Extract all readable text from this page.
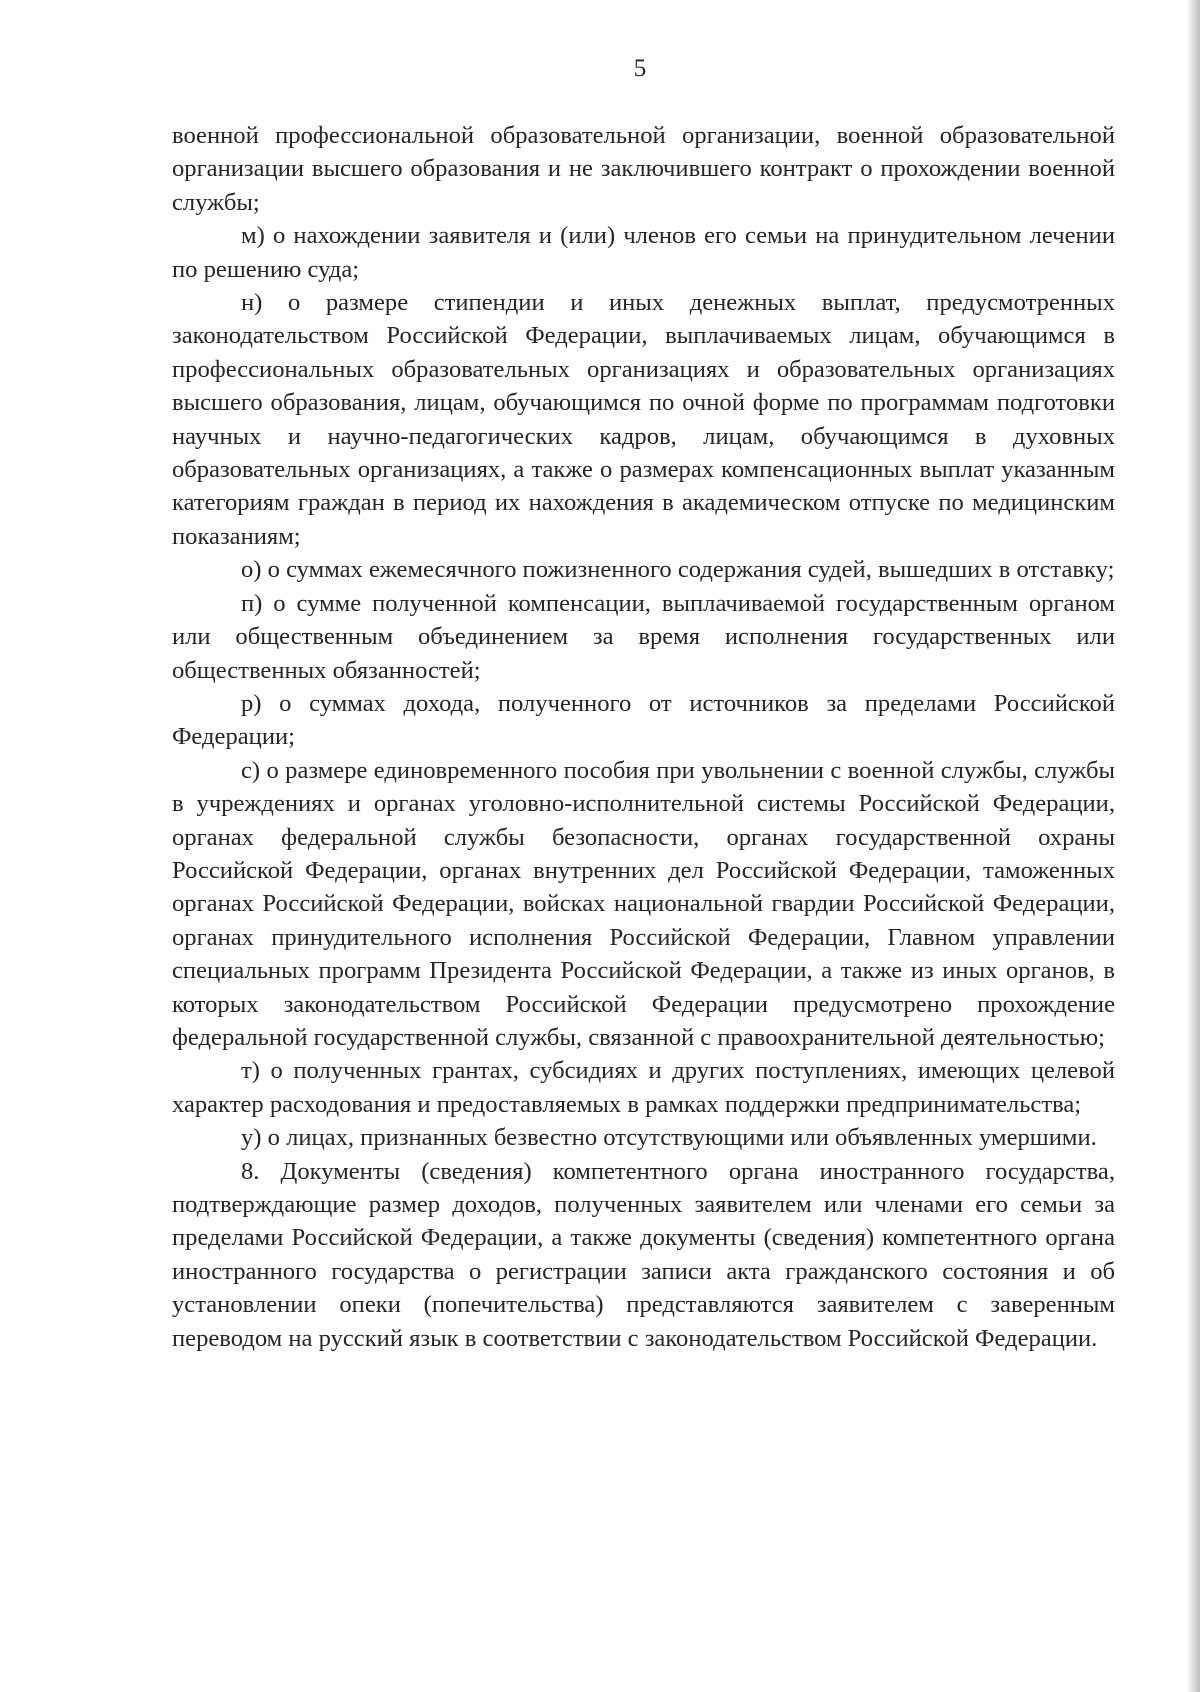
5

военной профессиональной образовательной организации, военной образовательной организации высшего образования и не заключившего контракт о прохождении военной службы;

м) о нахождении заявителя и (или) членов его семьи на принудительном лечении по решению суда;

н) о размере стипендии и иных денежных выплат, предусмотренных законодательством Российской Федерации, выплачиваемых лицам, обучающимся в профессиональных образовательных организациях и образовательных организациях высшего образования, лицам, обучающимся по очной форме по программам подготовки научных и научно-педагогических кадров, лицам, обучающимся в духовных образовательных организациях, а также о размерах компенсационных выплат указанным категориям граждан в период их нахождения в академическом отпуске по медицинским показаниям;

о) о суммах ежемесячного пожизненного содержания судей, вышедших в отставку;

п) о сумме полученной компенсации, выплачиваемой государственным органом или общественным объединением за время исполнения государственных или общественных обязанностей;

р) о суммах дохода, полученного от источников за пределами Российской Федерации;

с) о размере единовременного пособия при увольнении с военной службы, службы в учреждениях и органах уголовно-исполнительной системы Российской Федерации, органах федеральной службы безопасности, органах государственной охраны Российской Федерации, органах внутренних дел Российской Федерации, таможенных органах Российской Федерации, войсках национальной гвардии Российской Федерации, органах принудительного исполнения Российской Федерации, Главном управлении специальных программ Президента Российской Федерации, а также из иных органов, в которых законодательством Российской Федерации предусмотрено прохождение федеральной государственной службы, связанной с правоохранительной деятельностью;

т) о полученных грантах, субсидиях и других поступлениях, имеющих целевой характер расходования и предоставляемых в рамках поддержки предпринимательства;

у) о лицах, признанных безвестно отсутствующими или объявленных умершими.

8. Документы (сведения) компетентного органа иностранного государства, подтверждающие размер доходов, полученных заявителем или членами его семьи за пределами Российской Федерации, а также документы (сведения) компетентного органа иностранного государства о регистрации записи акта гражданского состояния и об установлении опеки (попечительства) представляются заявителем с заверенным переводом на русский язык в соответствии с законодательством Российской Федерации.
